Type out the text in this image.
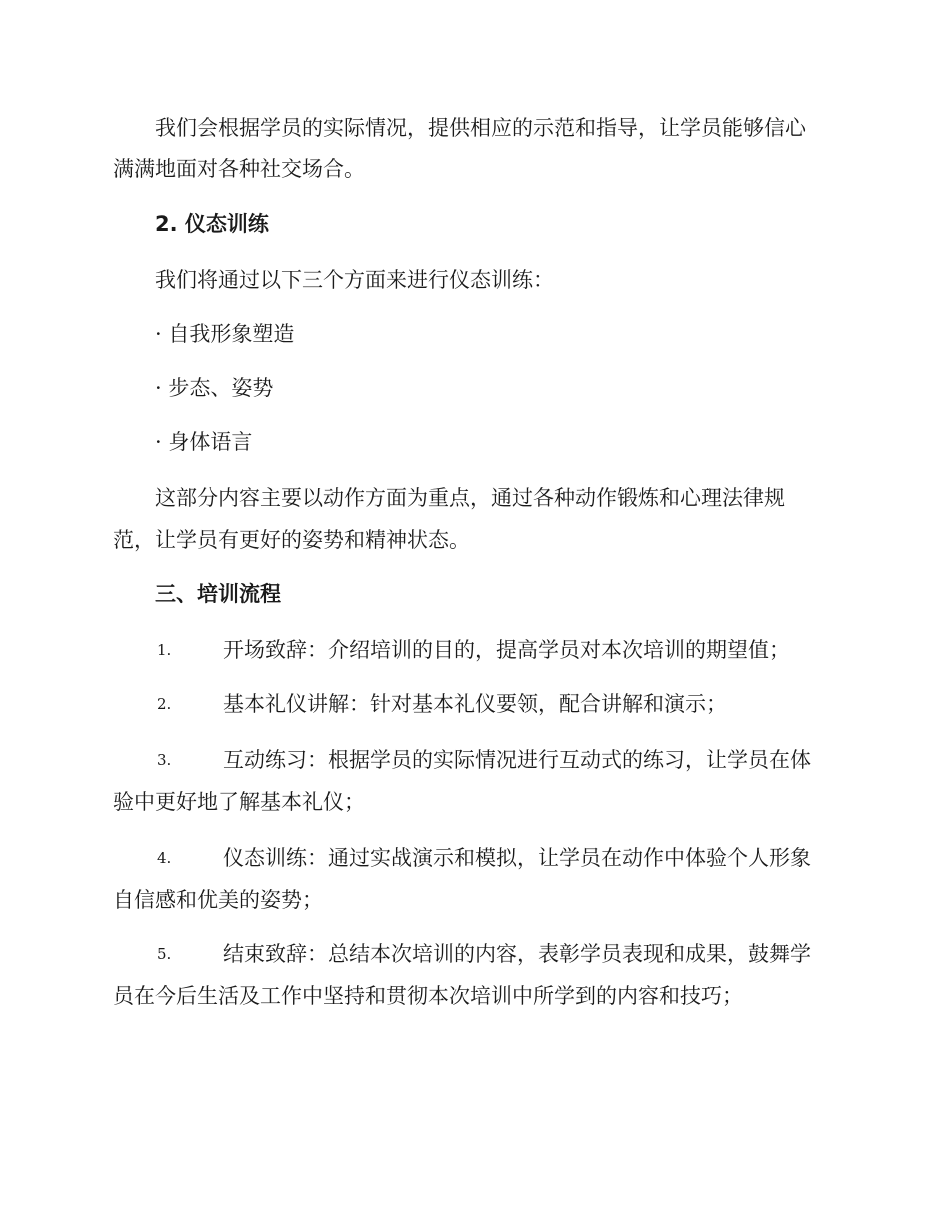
我们会根据学员的实际情况，提供相应的示范和指导，让学员能够信心
满满地面对各种社交场合。
2. 仪态训练
我们将通过以下三个方面来进行仪态训练：
· 自我形象塑造
· 步态、姿势
· 身体语言
这部分内容主要以动作方面为重点，通过各种动作锻炼和心理法律规
范，让学员有更好的姿势和精神状态。
三、培训流程
1. 开场致辞：介绍培训的目的，提高学员对本次培训的期望值；
2. 基本礼仪讲解：针对基本礼仪要领，配合讲解和演示；
3. 互动练习：根据学员的实际情况进行互动式的练习，让学员在体
验中更好地了解基本礼仪；
4. 仪态训练：通过实战演示和模拟，让学员在动作中体验个人形象
自信感和优美的姿势；
5. 结束致辞：总结本次培训的内容，表彰学员表现和成果，鼓舞学
员在今后生活及工作中坚持和贯彻本次培训中所学到的内容和技巧；
